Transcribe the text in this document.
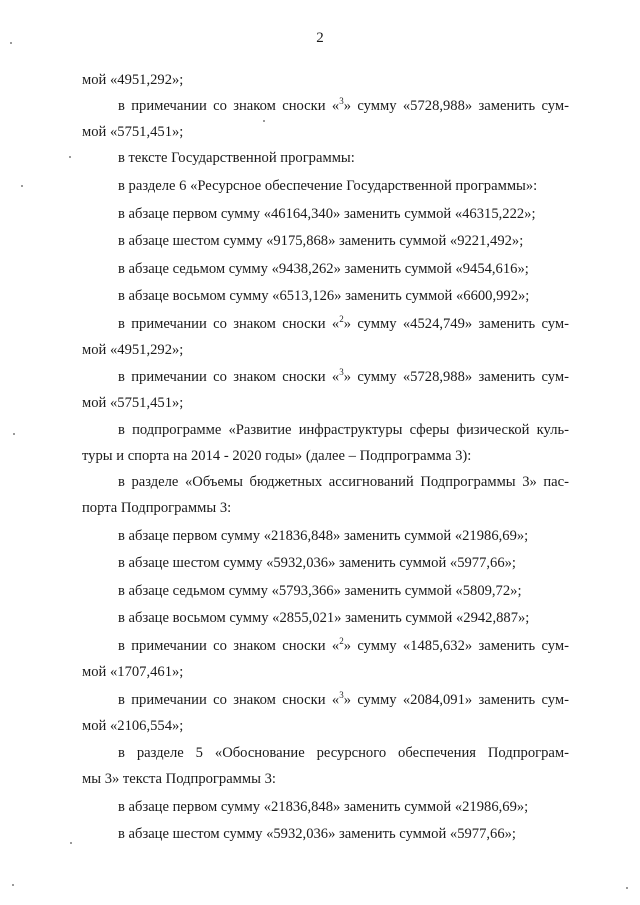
2
мой «4951,292»;
в примечании со знаком сноски «$^3$» сумму «5728,988» заменить сум-
мой «5751,451»;
в тексте Государственной программы:
в разделе 6 «Ресурсное обеспечение Государственной программы»:
в абзаце первом сумму «46164,340» заменить суммой «46315,222»;
в абзаце шестом сумму «9175,868» заменить суммой «9221,492»;
в абзаце седьмом сумму «9438,262» заменить суммой «9454,616»;
в абзаце восьмом сумму «6513,126» заменить суммой «6600,992»;
в примечании со знаком сноски «$^2$» сумму «4524,749» заменить сум-
мой «4951,292»;
в примечании со знаком сноски «$^3$» сумму «5728,988» заменить сум-
мой «5751,451»;
в подпрограмме «Развитие инфраструктуры сферы физической куль-
туры и спорта на 2014 - 2020 годы» (далее – Подпрограмма 3):
в разделе «Объемы бюджетных ассигнований Подпрограммы 3» пас-
порта Подпрограммы 3:
в абзаце первом сумму «21836,848» заменить суммой «21986,69»;
в абзаце шестом сумму «5932,036» заменить суммой «5977,66»;
в абзаце седьмом сумму «5793,366» заменить суммой «5809,72»;
в абзаце восьмом сумму «2855,021» заменить суммой «2942,887»;
в примечании со знаком сноски «$^2$» сумму «1485,632» заменить сум-
мой «1707,461»;
в примечании со знаком сноски «$^3$» сумму «2084,091» заменить сум-
мой «2106,554»;
в разделе 5 «Обоснование ресурсного обеспечения Подпрограм-
мы 3» текста Подпрограммы 3:
в абзаце первом сумму «21836,848» заменить суммой «21986,69»;
в абзаце шестом сумму «5932,036» заменить суммой «5977,66»;
